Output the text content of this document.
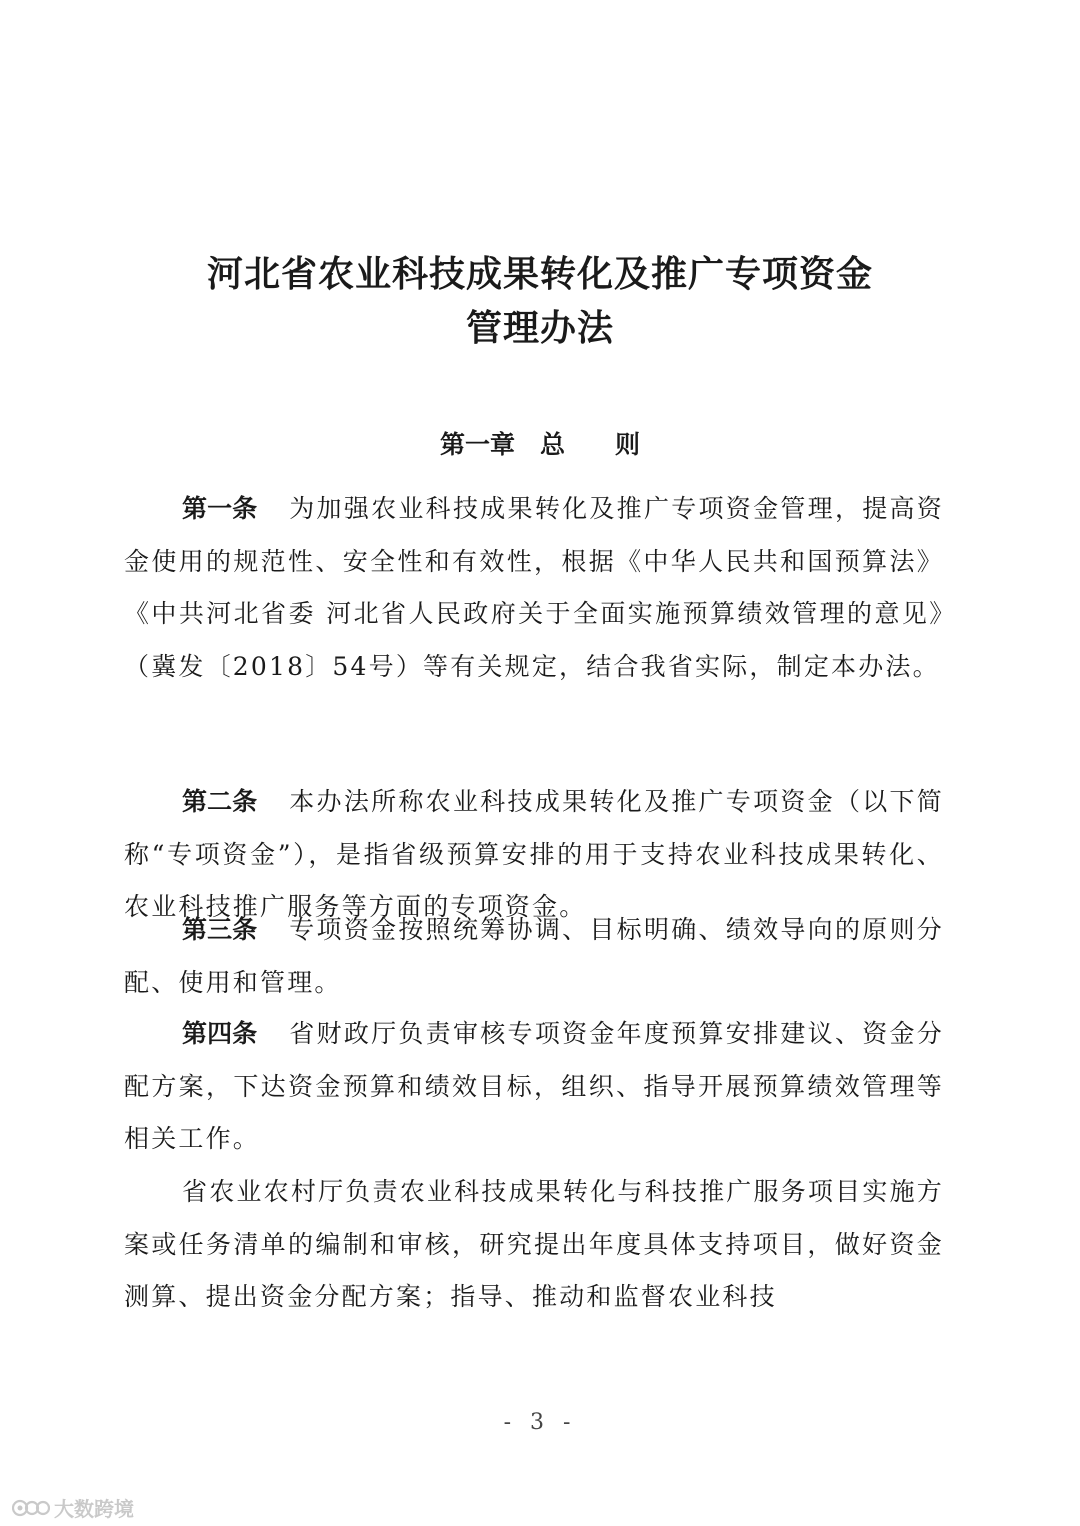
河北省农业科技成果转化及推广专项资金
管理办法
第一章　总　　则
第一条 为加强农业科技成果转化及推广专项资金管理，提高资金使用的规范性、安全性和有效性，根据《中华人民共和国预算法》《中共河北省委 河北省人民政府关于全面实施预算绩效管理的意见》（冀发〔2018〕54号）等有关规定，结合我省实际，制定本办法。
第二条 本办法所称农业科技成果转化及推广专项资金（以下简称“专项资金”），是指省级预算安排的用于支持农业科技成果转化、农业科技推广服务等方面的专项资金。
第三条 专项资金按照统筹协调、目标明确、绩效导向的原则分配、使用和管理。
第四条 省财政厅负责审核专项资金年度预算安排建议、资金分配方案，下达资金预算和绩效目标，组织、指导开展预算绩效管理等相关工作。
省农业农村厅负责农业科技成果转化与科技推广服务项目实施方案或任务清单的编制和审核，研究提出年度具体支持项目，做好资金测算、提出资金分配方案；指导、推动和监督农业科技
- 3 -
大数跨境
